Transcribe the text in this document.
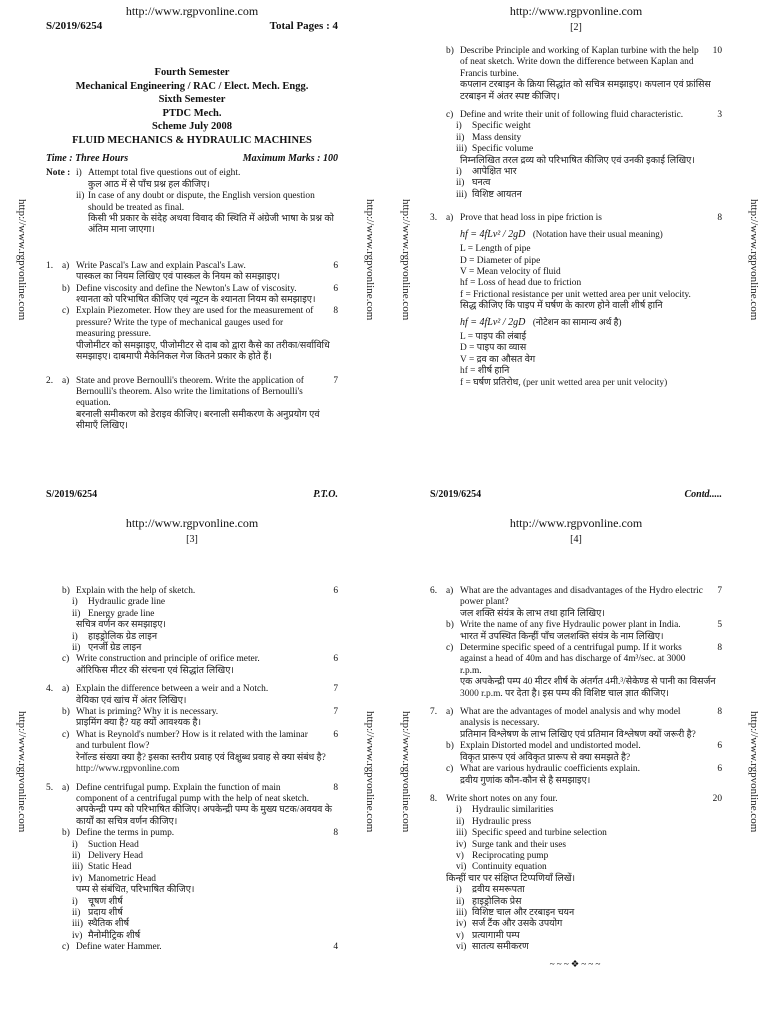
http://www.rgpvonline.com	http://www.rgpvonline.com
http://www.rgpvonline.com
S/2019/6254	Total Pages : 4
Fourth Semester
Mechanical Engineering / RAC / Elect. Mech. Engg.
Sixth Semester
PTDC Mech.
Scheme July 2008
FLUID MECHANICS & HYDRAULIC MACHINES
Time : Three Hours	Maximum Marks : 100
Note : i) Attempt total five questions out of eight.
कुल आठ में से पाँच प्रश्न हल कीजिए।
ii) In case of any doubt or dispute, the English version question should be treated as final.
किसी भी प्रकार के संदेह अथवा विवाद की स्थिति में अंग्रेजी भाषा के प्रश्न को अंतिम माना जाएगा।
1. a) Write Pascal's Law and explain Pascal's Law.	6
पास्कल का नियम लिखिए एवं पास्कल के नियम को समझाइए।
b) Define viscosity and define the Newton's Law of viscosity.	6
श्यानता को परिभाषित कीजिए एवं न्यूटन के श्यानता नियम को समझाइए।
c) Explain Piezometer. How they are used for the measurement of pressure? Write the type of mechanical gauges used for measuring pressure.
8
पीजोमीटर को समझाइए, पीजोमीटर से दाब को द्वारा कैसे का तरीका/सर्वाविधि समझाइए। दाबमापी मैकेनिकल गेज कितने प्रकार के होते हैं।
2. a) State and prove Bernoulli's theorem. Write the application of Bernoulli's theorem. Also write the limitations of Bernoulli's equation.
7
बरनाली समीकरण को डेराइव कीजिए। बरनाली समीकरण के अनुप्रयोग एवं सीमाएँ लिखिए।
S/2019/6254	P.T.O.
http://www.rgpvonline.com	http://www.rgpvonline.com
http://www.rgpvonline.com
[2]
b) Describe Principle and working of Kaplan turbine with the help of neat sketch. Write down the difference between Kaplan and Francis turbine.
10
कपलान टरबाइन के क्रिया सिद्धांत को सचित्र समझाइए। कपलान एवं फ्रांसिस टरबाइन में अंतर स्पष्ट कीजिए।
c) Define and write their unit of following fluid characteristic.	3
i)	Specific weight
ii) Mass density
iii) Specific volume
निम्नलिखित तरल द्रव्य को परिभाषित कीजिए एवं उनकी इकाई लिखिए।
i)	आपेक्षित भार
ii) घनत्व
iii) विशिष्ट आयतन
3. a) Prove that head loss in pipe friction is	8
hf = 4fLv² / 2gD (Notation have their usual meaning)
L = Length of pipe
D = Diameter of pipe
V = Mean velocity of fluid
hf = Loss of head due to friction
f = Frictional resistance per unit wetted area per unit velocity.
सिद्ध कीजिए कि पाइप में घर्षण के कारण होने वाली शीर्ष हानि
hf = 4fLv² / 2gD (नोटेशन का सामान्य अर्थ है)
L = पाइप की लंबाई
D = पाइप का व्यास
V = द्रव का औसत वेग
hf = शीर्ष हानि
f = घर्षण प्रतिरोध, (per unit wetted area per unit velocity)
S/2019/6254	Contd.....
http://www.rgpvonline.com	http://www.rgpvonline.com
http://www.rgpvonline.com
[3]
b) Explain with the help of sketch.	6
i)	Hydraulic grade line
ii) Energy grade line
सचित्र वर्णन कर समझाइए।
i)	हाइड्रोलिक ग्रेड लाइन
ii) एनर्जी ग्रेड लाइन
c) Write construction and principle of orifice meter.	6
ऑरिफिस मीटर की संरचना एवं सिद्धांत लिखिए।
4. a) Explain the difference between a weir and a Notch.	7
वेयिका एवं खांच में अंतर लिखिए।
b) What is priming? Why it is necessary.	7
प्राइमिंग क्या है? यह क्यों आवश्यक है।
c) What is Reynold's number? How is it related with the laminar and turbulent flow?
6
रेनॉल्ड संख्या क्या है? इसका स्तरीय प्रवाह एवं विक्षुब्ध प्रवाह से क्या संबंध है? http://www.rgpvonline.com
5. a) Define centrifugal pump. Explain the function of main component of a centrifugal pump with the help of neat sketch.
8
अपकेन्द्री पम्प को परिभाषित कीजिए। अपकेन्द्री पम्प के मुख्य घटक/अवयव के कार्यों का सचित्र वर्णन कीजिए।
b) Define the terms in pump.	8
i)	Suction Head
ii) Delivery Head
iii) Static Head
iv) Manometric Head
पम्प से संबंधित, परिभाषित कीजिए।
i)	चूषण शीर्ष
ii) प्रदाय शीर्ष
iii) स्थैतिक शीर्ष
iv) मैनोमीट्रिक शीर्ष
c) Define water Hammer.	4
http://www.rgpvonline.com	http://www.rgpvonline.com
http://www.rgpvonline.com
[4]
6. a) What are the advantages and disadvantages of the Hydro electric power plant?
7
जल शक्ति संयंत्र के लाभ तथा हानि लिखिए।
b) Write the name of any five Hydraulic power plant in India.	5
भारत में उपस्थित किन्हीं पाँच जलशक्ति संयंत्र के नाम लिखिए।
c) Determine specific speed of a centrifugal pump. If it works against a head of 40m and has discharge of 4m³/sec. at 3000 r.p.m.
8
एक अपकेन्द्री पम्प 40 मीटर शीर्ष के अंतर्गत 4मी.³/सेकेण्ड से पानी का विसर्जन 3000 r.p.m. पर देता है। इस पम्प की विशिष्ट चाल ज्ञात कीजिए।
7. a) What are the advantages of model analysis and why model analysis is necessary.
8
प्रतिमान विश्लेषण के लाभ लिखिए एवं प्रतिमान विश्लेषण क्यों जरूरी है?
b) Explain Distorted model and undistorted model.	6
विकृत प्रारूप एवं अविकृत प्रारूप से क्या समझते है?
c) What are various hydraulic coefficients explain.	6
द्रवीय गुणांक कौन-कौन से है समझाइए।
8. Write short notes on any four.	20
i)	Hydraulic similarities
ii) Hydraulic press
iii) Specific speed and turbine selection
iv) Surge tank and their uses
v) Reciprocating pump
vi) Continuity equation
किन्हीं चार पर संक्षिप्त टिप्पणियाँ लिखें।
i)	द्रवीय समरूपता
ii) हाइड्रोलिक प्रेस
iii) विशिष्ट चाल और टरबाइन चयन
iv) सर्ज टैंक और उसके उपयोग
v) प्रत्यागामी पम्प
vi) सातत्य समीकरण
~~~❖~~~
